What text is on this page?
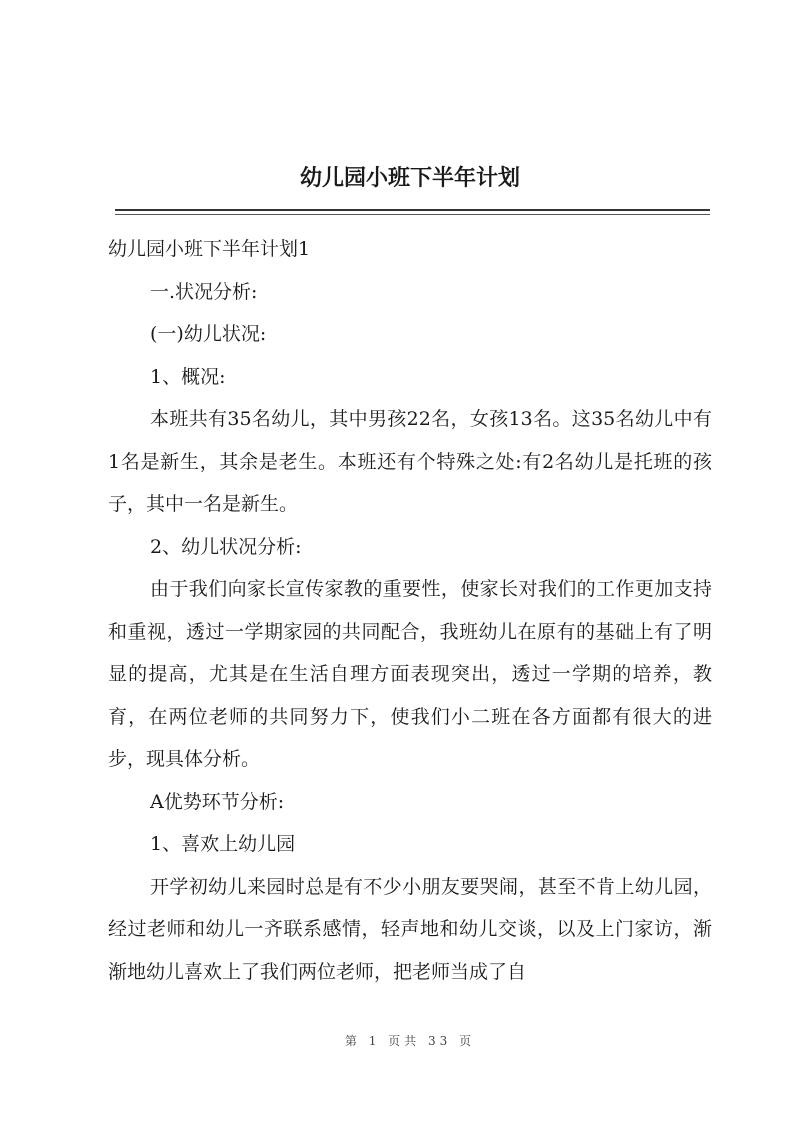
幼儿园小班下半年计划

幼儿园小班下半年计划1

一.状况分析:

(一)幼儿状况:

1、概况:

本班共有35名幼儿，其中男孩22名，女孩13名。这35名幼儿中有1名是新生，其余是老生。本班还有个特殊之处:有2名幼儿是托班的孩子，其中一名是新生。

2、幼儿状况分析:

由于我们向家长宣传家教的重要性，使家长对我们的工作更加支持和重视，透过一学期家园的共同配合，我班幼儿在原有的基础上有了明显的提高，尤其是在生活自理方面表现突出，透过一学期的培养，教育，在两位老师的共同努力下，使我们小二班在各方面都有很大的进步，现具体分析。

A优势环节分析:

1、喜欢上幼儿园

开学初幼儿来园时总是有不少小朋友要哭闹，甚至不肯上幼儿园，经过老师和幼儿一齐联系感情，轻声地和幼儿交谈，以及上门家访，渐渐地幼儿喜欢上了我们两位老师，把老师当成了自

第 1 页共 33 页
